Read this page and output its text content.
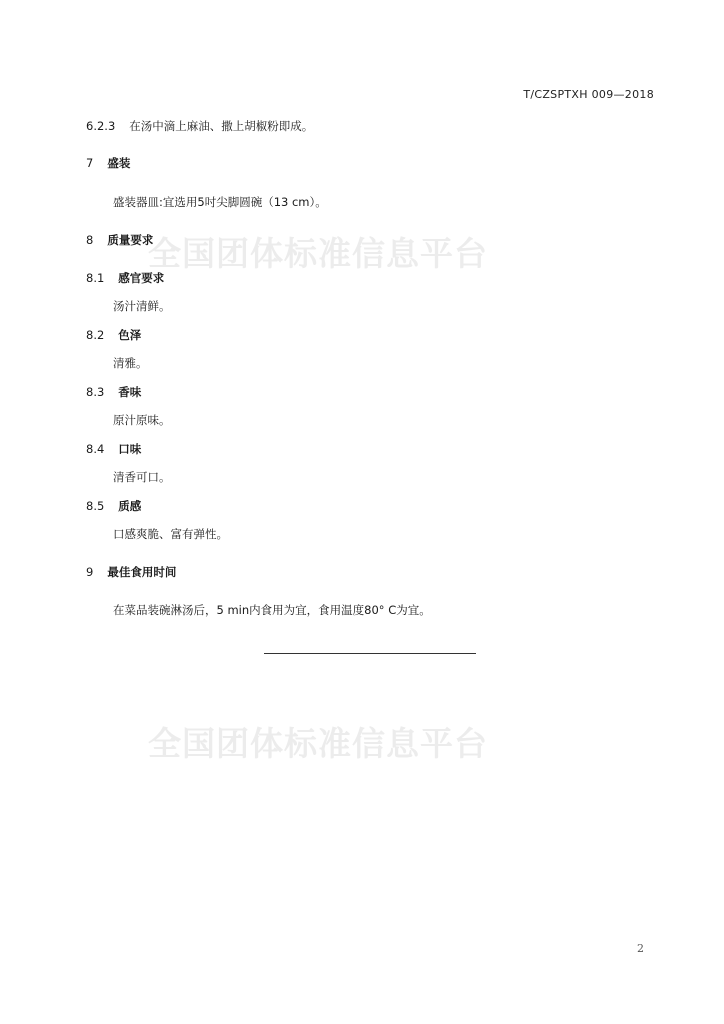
T/CZSPTXH 009—2018
全国团体标准信息平台
全国团体标准信息平台
6.2.3 在汤中滴上麻油、撒上胡椒粉即成。
7 盛装
盛装器皿:宜选用5吋尖脚圆碗（13 cm）。
8 质量要求
8.1 感官要求
汤汁清鲜。
8.2 色泽
清雅。
8.3 香味
原汁原味。
8.4 口味
清香可口。
8.5 质感
口感爽脆、富有弹性。
9 最佳食用时间
在菜品装碗淋汤后，5 min内食用为宜，食用温度80° C为宜。
2
